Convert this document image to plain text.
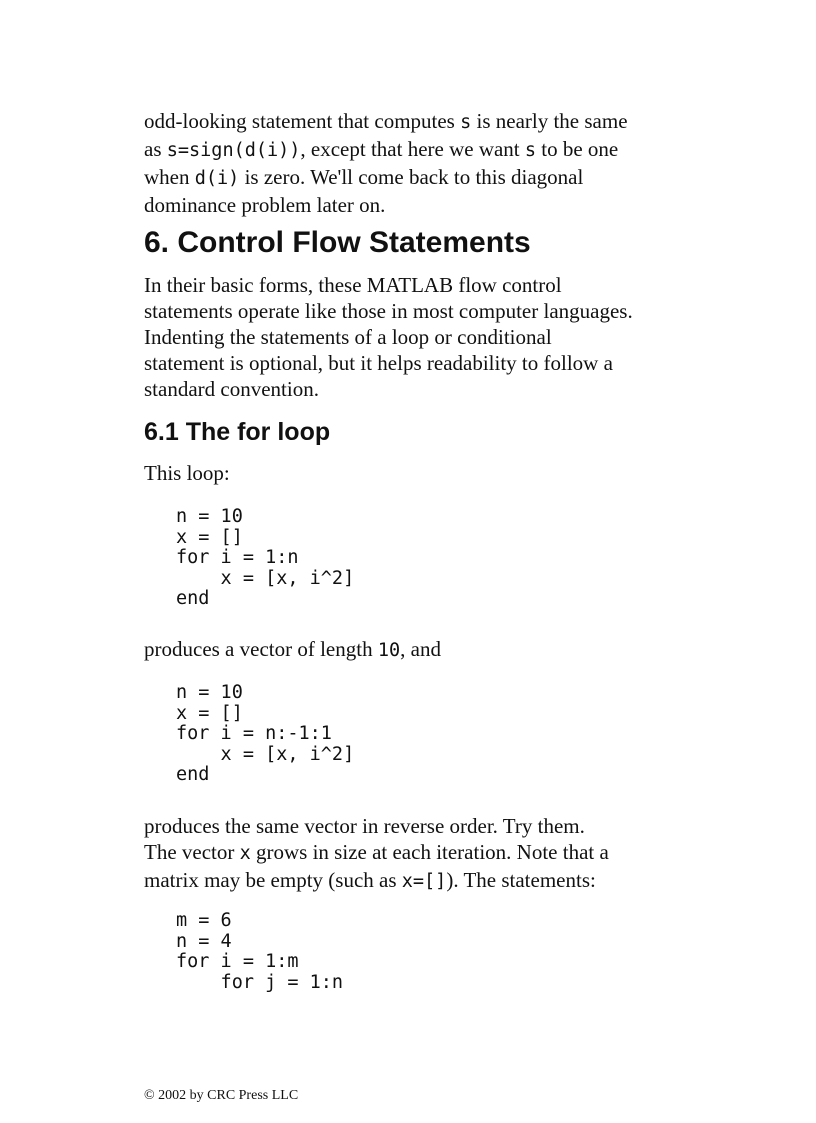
odd-looking statement that computes s is nearly the same

as s=sign(d(i)), except that here we want s to be one

when d(i) is zero. We'll come back to this diagonal

dominance problem later on.

6. Control Flow Statements

In their basic forms, these MATLAB flow control

statements operate like those in most computer languages.

Indenting the statements of a loop or conditional

statement is optional, but it helps readability to follow a

standard convention.

6.1 The for loop

This loop:

n = 10
x = []
for i = 1:n
x = [x, i^2]
end

produces a vector of length 10, and

n = 10
x = []
for i = n:-1:1
x = [x, i^2]
end

produces the same vector in reverse order. Try them.

The vector x grows in size at each iteration. Note that a

matrix may be empty (such as x=[]). The statements:

m = 6
n = 4
for i = 1:m
for j = 1:n
© 2002 by CRC Press LLC
